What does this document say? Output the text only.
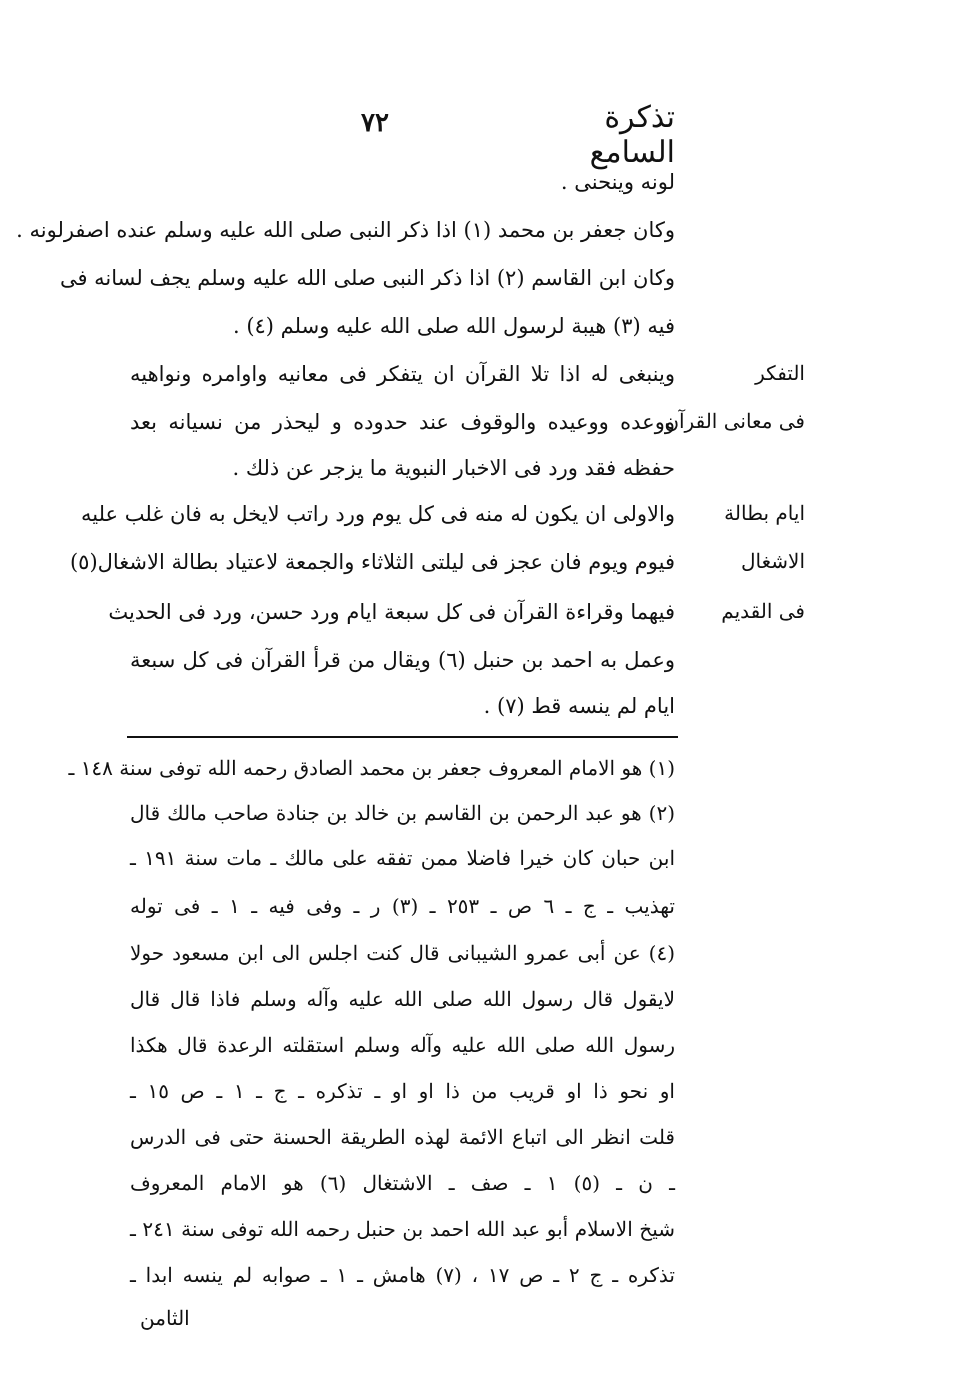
تذكرة السامع
٧٢
لونه وينحنى .
وكان جعفر بن محمد (١) اذا ذكر النبى صلى الله عليه وسلم عنده اصفرلونه .
وكان ابن القاسم (٢) اذا ذكر النبى صلى الله عليه وسلم يجف لسانه فى
فيه (٣) هيبة لرسول الله صلى الله عليه وسلم (٤) .
وينبغى له اذا تلا القرآن ان يتفكر فى معانيه واوامره ونواهيه
ووعده ووعيده والوقوف عند حدوده و ليحذر من نسيانه بعد
حفظه فقد ورد فى الاخبار النبوية ما يزجر عن ذلك .
والاولى ان يكون له منه فى كل يوم ورد راتب لايخل به فان غلب عليه
فيوم ويوم فان عجز فى ليلتى الثلاثاء والجمعة لاعتياد بطالة الاشغال(٥)
فيهما وقراءة القرآن فى كل سبعة ايام ورد حسن، ورد فى الحديث
وعمل به احمد بن حنبل (٦) ويقال من قرأ القرآن فى كل سبعة
ايام لم ينسه قط (٧) .
التفكر
فى معانى القرآن
ايام بطالة
الاشغال
فى القديم
(١) هو الامام المعروف جعفر بن محمد الصادق رحمه الله توفى سنة ١٤٨ ـ
(٢) هو عبد الرحمن بن القاسم بن خالد بن جنادة صاحب مالك قال
ابن حبان كان خيرا فاضلا ممن تفقه على مالك ـ مات سنة ١٩١ ـ
تهذيب ـ ج ـ ٦ ص ـ ٢٥٣ ـ (٣) ر ـ وفى فيه ـ ١ ـ فى توله
(٤) عن أبى عمرو الشيبانى قال كنت اجلس الى ابن مسعود حولا
لايقول قال رسول الله صلى الله عليه وآله وسلم فاذا قال قال
رسول الله صلى الله عليه وآله وسلم استقلته الرعدة قال هكذا
او نحو ذا او قريب من ذا او او ـ تذكره ـ ج ـ ١ ـ ص ١٥ ـ
قلت انظر الى اتباع الائمة لهذه الطريقة الحسنة حتى فى الدرس
ـ ن ـ (٥) ١ ـ صف ـ الاشتغال (٦) هو الامام المعروف
شيخ الاسلام أبو عبد الله احمد بن حنبل رحمه الله توفى سنة ٢٤١ ـ
تذكره ـ ج ٢ ـ ص ١٧ ، (٧) هامش ـ ١ ـ صوابه لم ينسه ابدا ـ
الثامن
